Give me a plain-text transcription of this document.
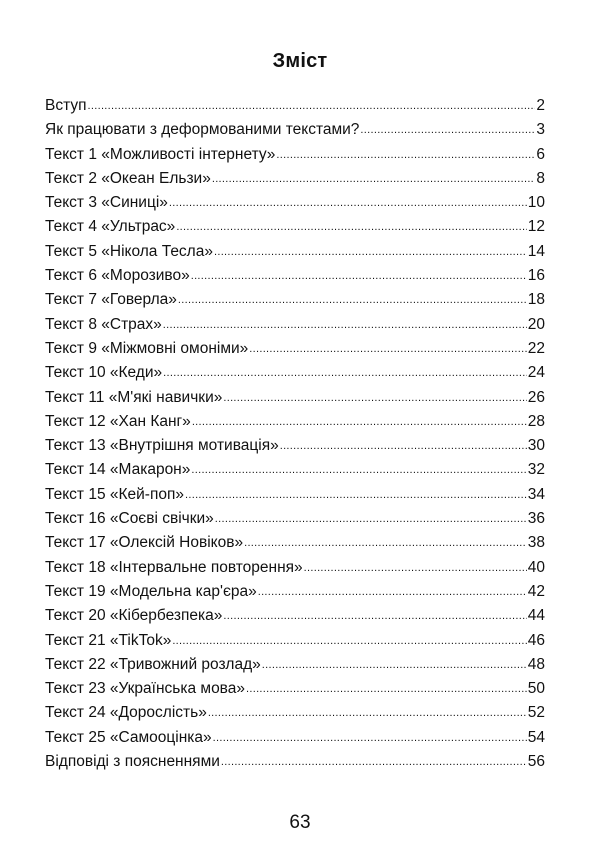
Зміст
Вступ .....	2
Як працювати з деформованими текстами? .....	3
Текст 1 «Можливості інтернету» .....	6
Текст 2 «Океан Ельзи» .....	8
Текст 3 «Синиці» .....	10
Текст 4 «Ультрас» .....	12
Текст 5 «Нікола Тесла» .....	14
Текст 6 «Морозиво» .....	16
Текст 7 «Говерла» .....	18
Текст 8 «Страх» .....	20
Текст 9 «Міжмовні омоніми» .....	22
Текст 10 «Кеди» .....	24
Текст 11 «М'які навички» .....	26
Текст 12 «Хан Канг» .....	28
Текст 13 «Внутрішня мотивація» .....	30
Текст 14 «Макарон» .....	32
Текст 15 «Кей-поп» .....	34
Текст 16 «Соєві свічки» .....	36
Текст 17 «Олексій Новіков» .....	38
Текст 18 «Інтервальне повторення» .....	40
Текст 19 «Модельна кар'єра» .....	42
Текст 20 «Кібербезпека» .....	44
Текст 21 «TikTok» .....	46
Текст 22 «Тривожний розлад» .....	48
Текст 23 «Українська мова» .....	50
Текст 24 «Дорослість» .....	52
Текст 25 «Самооцінка» .....	54
Відповіді з поясненнями .....	56
63
